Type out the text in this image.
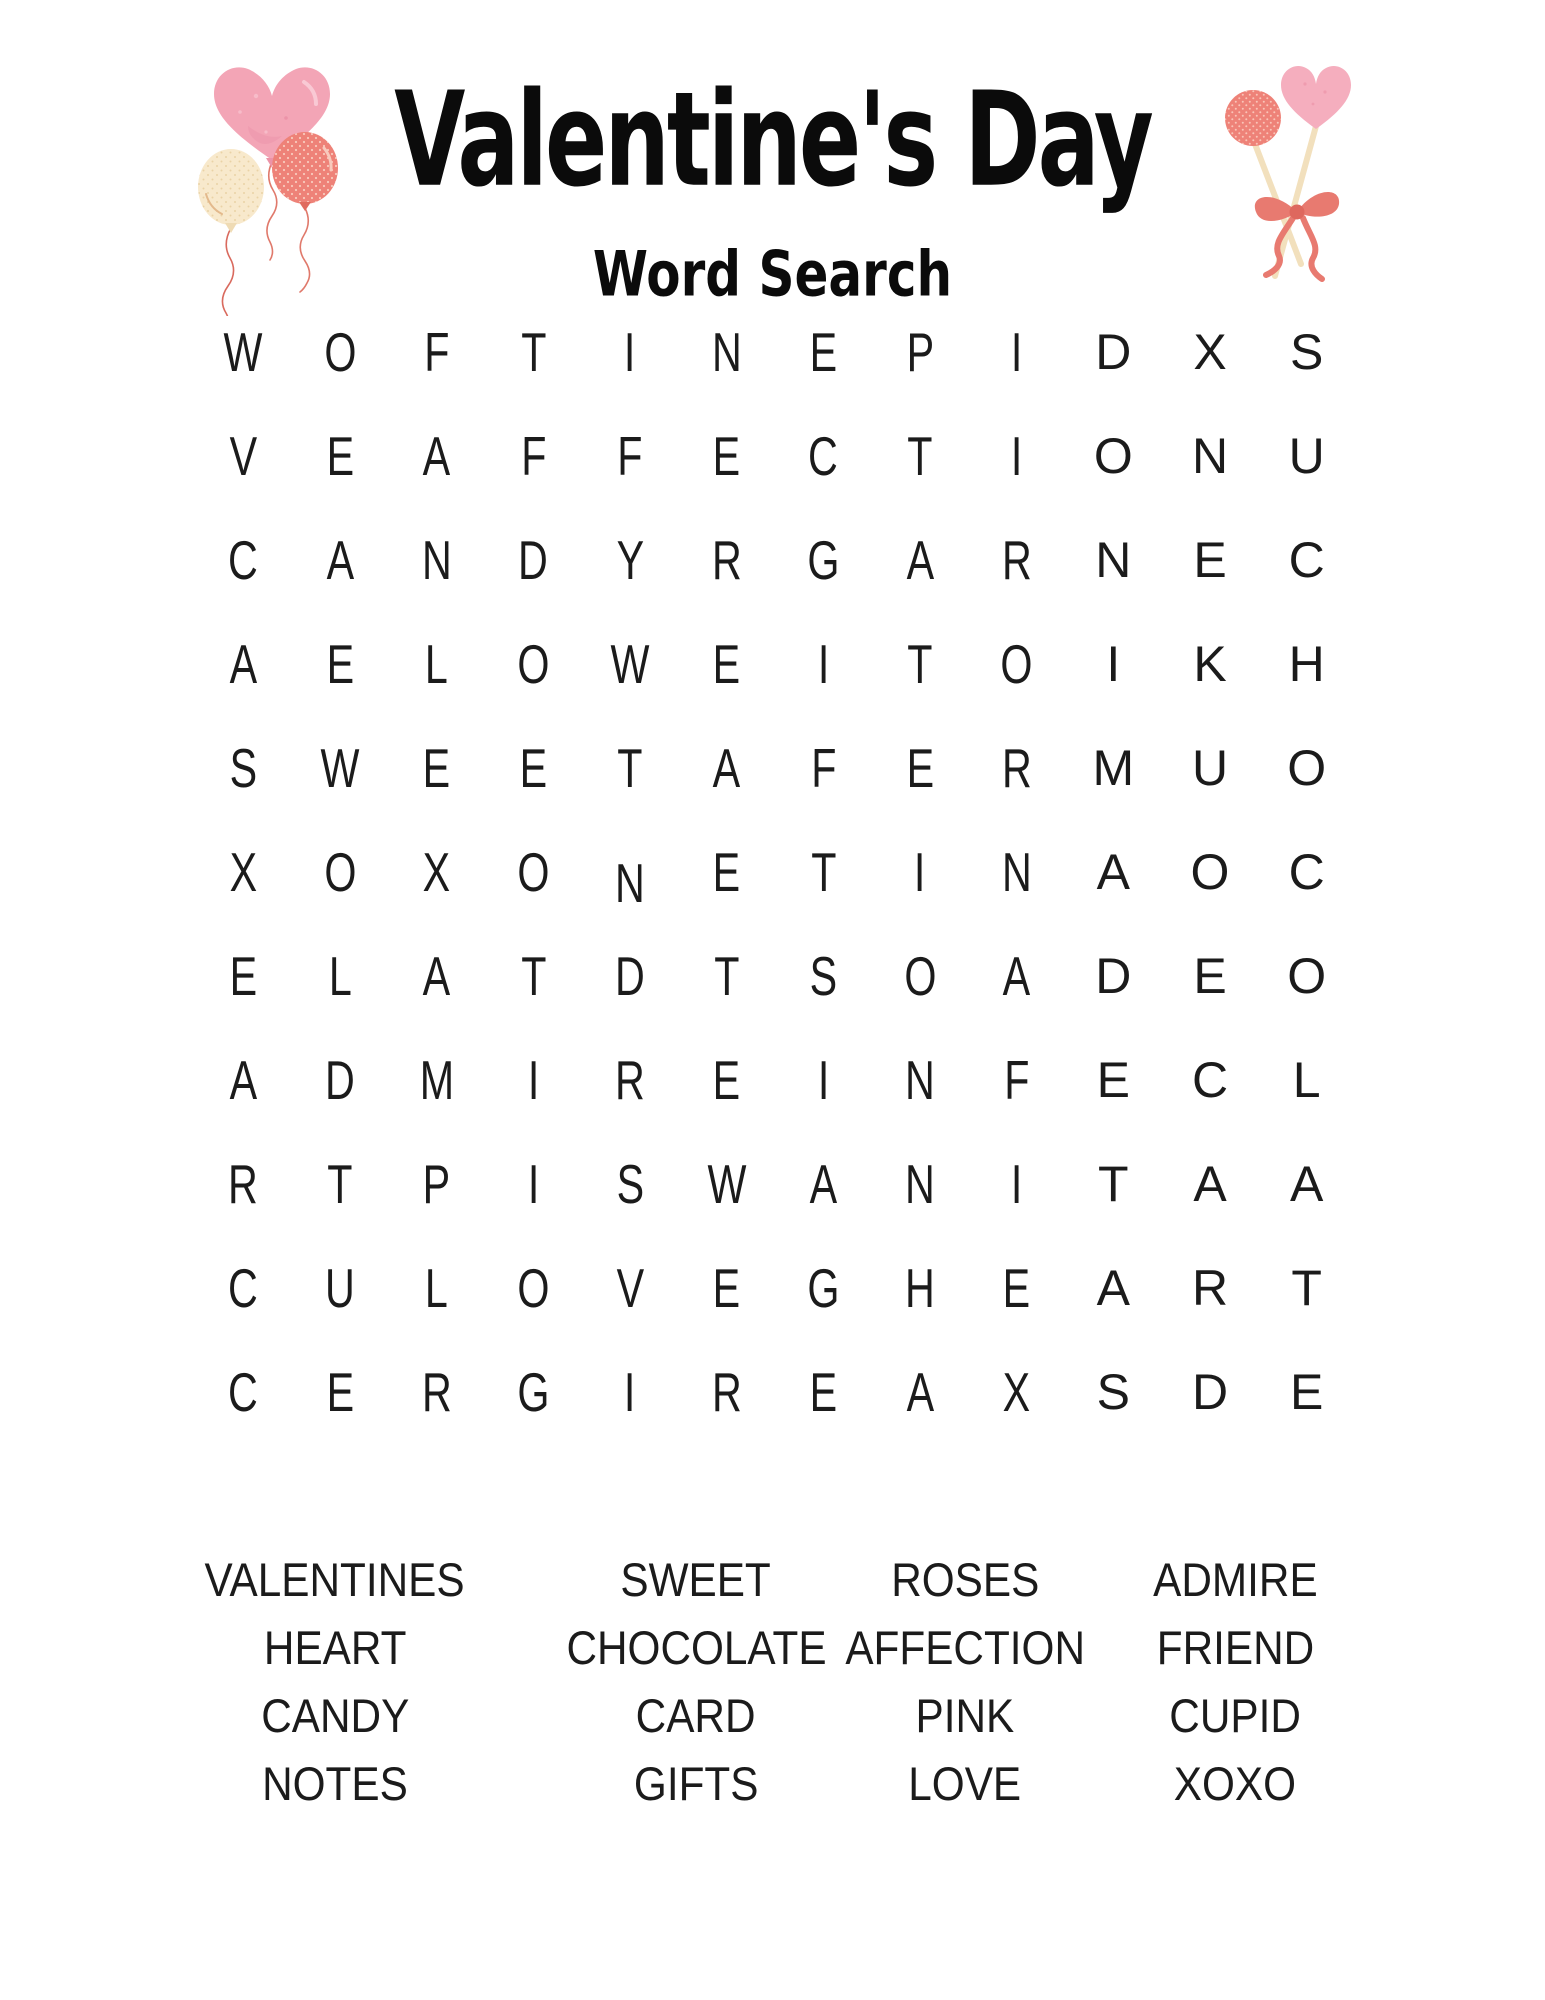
Valentine's Day
Word Search
W O F T I N E P I D X S
V E A F F E C T I O N U
C A N D Y R G A R N E C
A E L O W E I T O I K H
S W E E T A F E R M U O
X O X O N E T I N A O C
E L A T D T S O A D E O
A D M I R E I N F E C L
R T P I S W A N I T A A
C U L O V E G H E A R T
C E R G I R E A X S D E
VALENTINES
HEART
CANDY
NOTES
SWEET
CHOCOLATE
CARD
GIFTS
ROSES
AFFECTION
PINK
LOVE
ADMIRE
FRIEND
CUPID
XOXO
